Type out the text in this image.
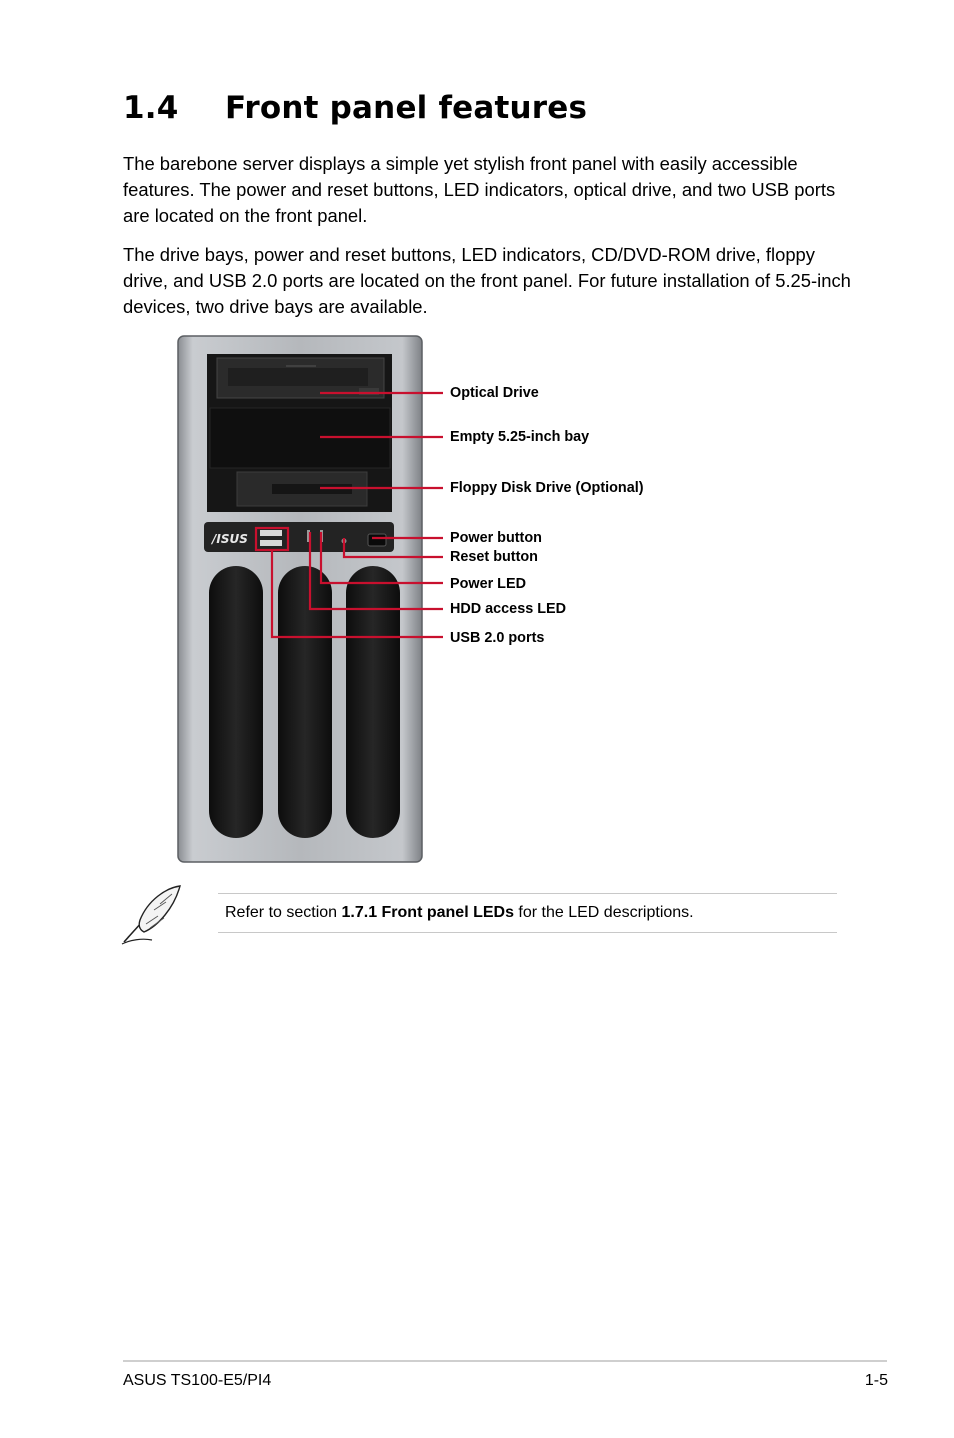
1.4 Front panel features

The barebone server displays a simple yet stylish front panel with easily accessible features. The power and reset buttons, LED indicators, optical drive, and two USB ports are located on the front panel.

The drive bays, power and reset buttons, LED indicators, CD/DVD-ROM drive, floppy drive, and USB 2.0 ports are located on the front panel. For future installation of 5.25-inch devices, two drive bays are available.

/ISUS
Optical Drive
Empty 5.25-inch bay
Floppy Disk Drive (Optional)
Power button
Reset button
Power LED
HDD access LED
USB 2.0 ports
Refer to section 1.7.1 Front panel LEDs for the LED descriptions.
ASUS TS100-E5/PI4	1-5
